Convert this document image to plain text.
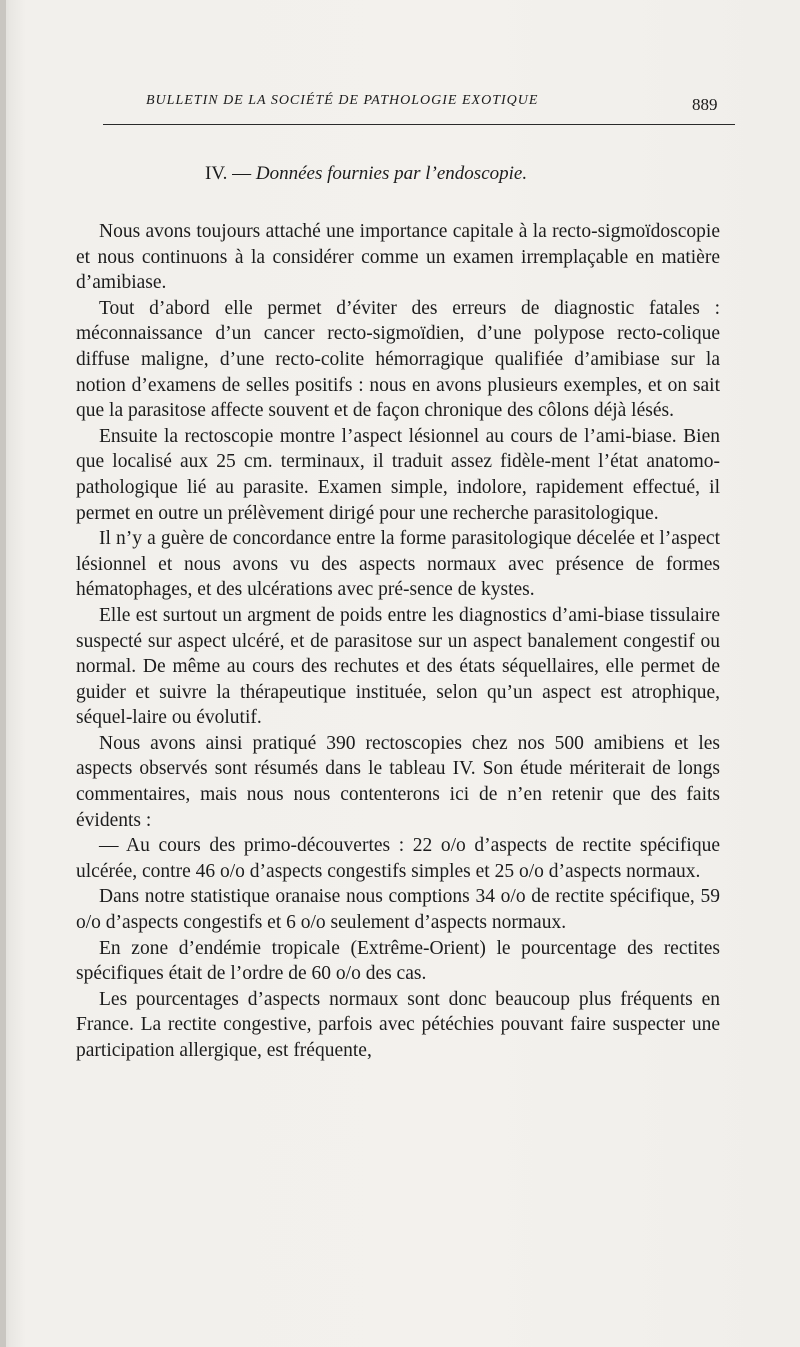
BULLETIN DE LA SOCIÉTÉ DE PATHOLOGIE EXOTIQUE	889
IV. — Données fournies par l’endoscopie.

Nous avons toujours attaché une importance capitale à la recto-sigmoïdoscopie et nous continuons à la considérer comme un examen irremplaçable en matière d’amibiase.

Tout d’abord elle permet d’éviter des erreurs de diagnostic fatales : méconnaissance d’un cancer recto-sigmoïdien, d’une polypose recto-colique diffuse maligne, d’une recto-colite hémorragique qualifiée d’amibiase sur la notion d’examens de selles positifs : nous en avons plusieurs exemples, et on sait que la parasitose affecte souvent et de façon chronique des côlons déjà lésés.

Ensuite la rectoscopie montre l’aspect lésionnel au cours de l’ami-biase. Bien que localisé aux 25 cm. terminaux, il traduit assez fidèle-ment l’état anatomo-pathologique lié au parasite. Examen simple, indolore, rapidement effectué, il permet en outre un prélèvement dirigé pour une recherche parasitologique.

Il n’y a guère de concordance entre la forme parasitologique décelée et l’aspect lésionnel et nous avons vu des aspects normaux avec présence de formes hématophages, et des ulcérations avec pré-sence de kystes.

Elle est surtout un argment de poids entre les diagnostics d’ami-biase tissulaire suspecté sur aspect ulcéré, et de parasitose sur un aspect banalement congestif ou normal. De même au cours des rechutes et des états séquellaires, elle permet de guider et suivre la thérapeutique instituée, selon qu’un aspect est atrophique, séquel-laire ou évolutif.

Nous avons ainsi pratiqué 390 rectoscopies chez nos 500 amibiens et les aspects observés sont résumés dans le tableau IV. Son étude mériterait de longs commentaires, mais nous nous contenterons ici de n’en retenir que des faits évidents :

— Au cours des primo-découvertes : 22 o/o d’aspects de rectite spécifique ulcérée, contre 46 o/o d’aspects congestifs simples et 25 o/o d’aspects normaux.

Dans notre statistique oranaise nous comptions 34 o/o de rectite spécifique, 59 o/o d’aspects congestifs et 6 o/o seulement d’aspects normaux.

En zone d’endémie tropicale (Extrême-Orient) le pourcentage des rectites spécifiques était de l’ordre de 60 o/o des cas.

Les pourcentages d’aspects normaux sont donc beaucoup plus fréquents en France. La rectite congestive, parfois avec pétéchies pouvant faire suspecter une participation allergique, est fréquente,
